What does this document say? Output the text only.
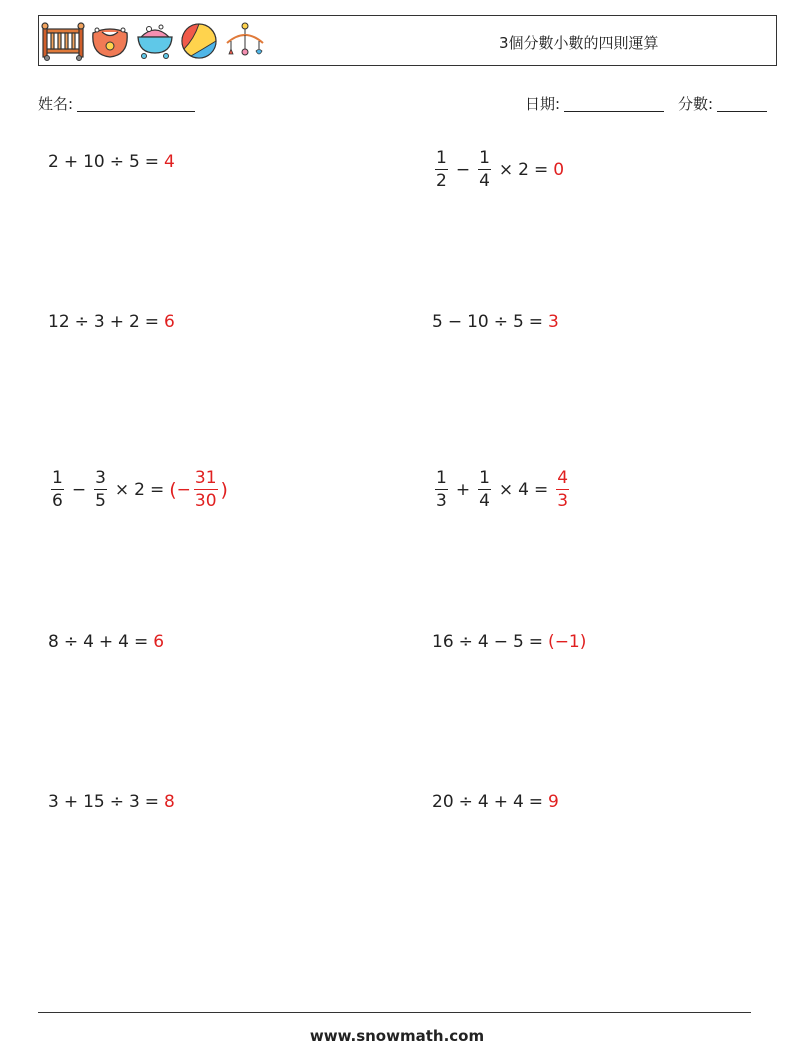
3個分數小數的四則運算
姓名:	日期:	分數:
2 + 10 ÷ 5 = 4	$\frac{1}{2} - \frac{1}{4} \times 2 = 0$
12 ÷ 3 + 2 = 6	5 − 10 ÷ 5 = 3
$\frac{1}{6} - \frac{3}{5} \times 2$ = ( − $\frac{31}{30}$ )	$\frac{1}{3} + \frac{1}{4} \times 4 = \frac{4}{3}$
8 ÷ 4 + 4 = 6	16 ÷ 4 − 5 = ( −1 )
3 + 15 ÷ 3 = 8	20 ÷ 4 + 4 = 9
www.snowmath.com
